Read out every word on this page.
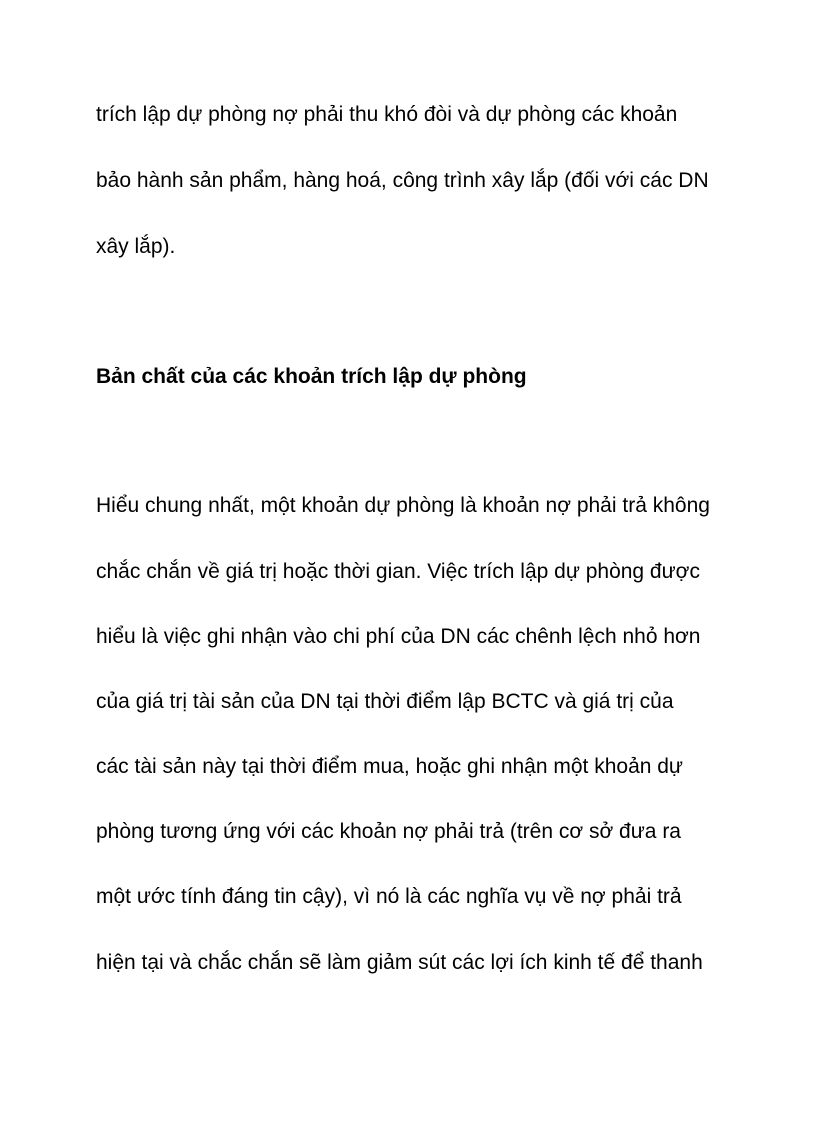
trích lập dự phòng nợ phải thu khó đòi và dự phòng các khoản

bảo hành sản phẩm, hàng hoá, công trình xây lắp (đối với các DN

xây lắp).

Bản chất của các khoản trích lập dự phòng

Hiểu chung nhất, một khoản dự phòng là khoản nợ phải trả không

chắc chắn về giá trị hoặc thời gian. Việc trích lập dự phòng được

hiểu là việc ghi nhận vào chi phí của DN các chênh lệch nhỏ hơn

của giá trị tài sản của DN tại thời điểm lập BCTC và giá trị của

các tài sản này tại thời điểm mua, hoặc ghi nhận một khoản dự

phòng tương ứng với các khoản nợ phải trả (trên cơ sở đưa ra

một ước tính đáng tin cậy), vì nó là các nghĩa vụ về nợ phải trả

hiện tại và chắc chắn sẽ làm giảm sút các lợi ích kinh tế để thanh
